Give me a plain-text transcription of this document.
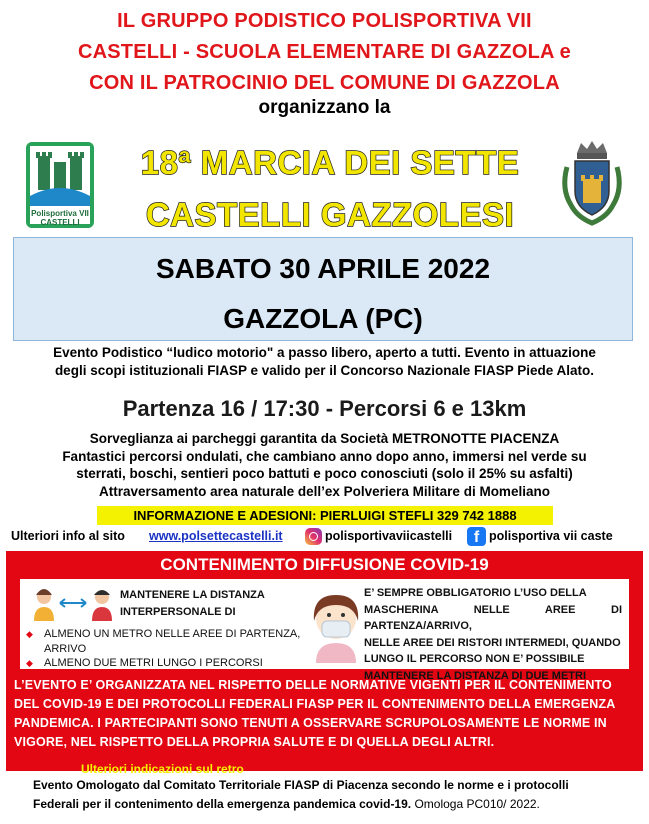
IL GRUPPO PODISTICO POLISPORTIVA VII
CASTELLI - SCUOLA ELEMENTARE DI GAZZOLA e
CON IL PATROCINIO DEL COMUNE DI GAZZOLA
organizzano la
Polisportiva VII CASTELLI
18ª MARCIA DEI SETTE
CASTELLI GAZZOLESI
SABATO 30 APRILE 2022
GAZZOLA (PC)
Evento Podistico “ludico motorio" a passo libero, aperto a tutti. Evento in attuazione
degli scopi istituzionali FIASP e valido per il Concorso Nazionale FIASP Piede Alato.
Partenza 16 / 17:30 - Percorsi 6 e 13km
Sorveglianza ai parcheggi garantita da Società METRONOTTE PIACENZA
Fantastici percorsi ondulati, che cambiano anno dopo anno, immersi nel verde su
sterrati, boschi, sentieri poco battuti e poco conosciuti (solo il 25% su asfalti)
Attraversamento area naturale dell’ex Polveriera Militare di Momeliano
INFORMAZIONE E ADESIONI: PIERLUIGI STEFLI 329 742 1888
Ulteriori info al sito www.polsettecastelli.it	polisportivaviicastelli	f polisportiva vii caste
CONTENIMENTO DIFFUSIONE COVID-19
MANTENERE LA DISTANZA
INTERPERSONALE DI
◆ ALMENO UN METRO NELLE AREE DI PARTENZA,
ARRIVO
◆ ALMENO DUE METRI LUNGO I PERCORSI
E’ SEMPRE OBBLIGATORIO L’USO DELLA
MASCHERINA NELLE AREE DI PARTENZA/ARRIVO,
NELLE AREE DEI RISTORI INTERMEDI, QUANDO
LUNGO IL PERCORSO NON E’ POSSIBILE
MANTENERE LA DISTANZA DI DUE METRI
L’EVENTO E’ ORGANIZZATA NEL RISPETTO DELLE NORMATIVE VIGENTI PER IL CONTENIMENTO
DEL COVID-19 E DEI PROTOCOLLI FEDERALI FIASP PER IL CONTENIMENTO DELLA EMERGENZA
PANDEMICA. I PARTECIPANTI SONO TENUTI A OSSERVARE SCRUPOLOSAMENTE LE NORME IN
VIGORE, NEL RISPETTO DELLA PROPRIA SALUTE E DI QUELLA DEGLI ALTRI.
Ulteriori indicazioni sul retro
Evento Omologato dal Comitato Territoriale FIASP di Piacenza secondo le norme e i protocolli
Federali per il contenimento della emergenza pandemica covid-19. Omologa PC010/ 2022.
